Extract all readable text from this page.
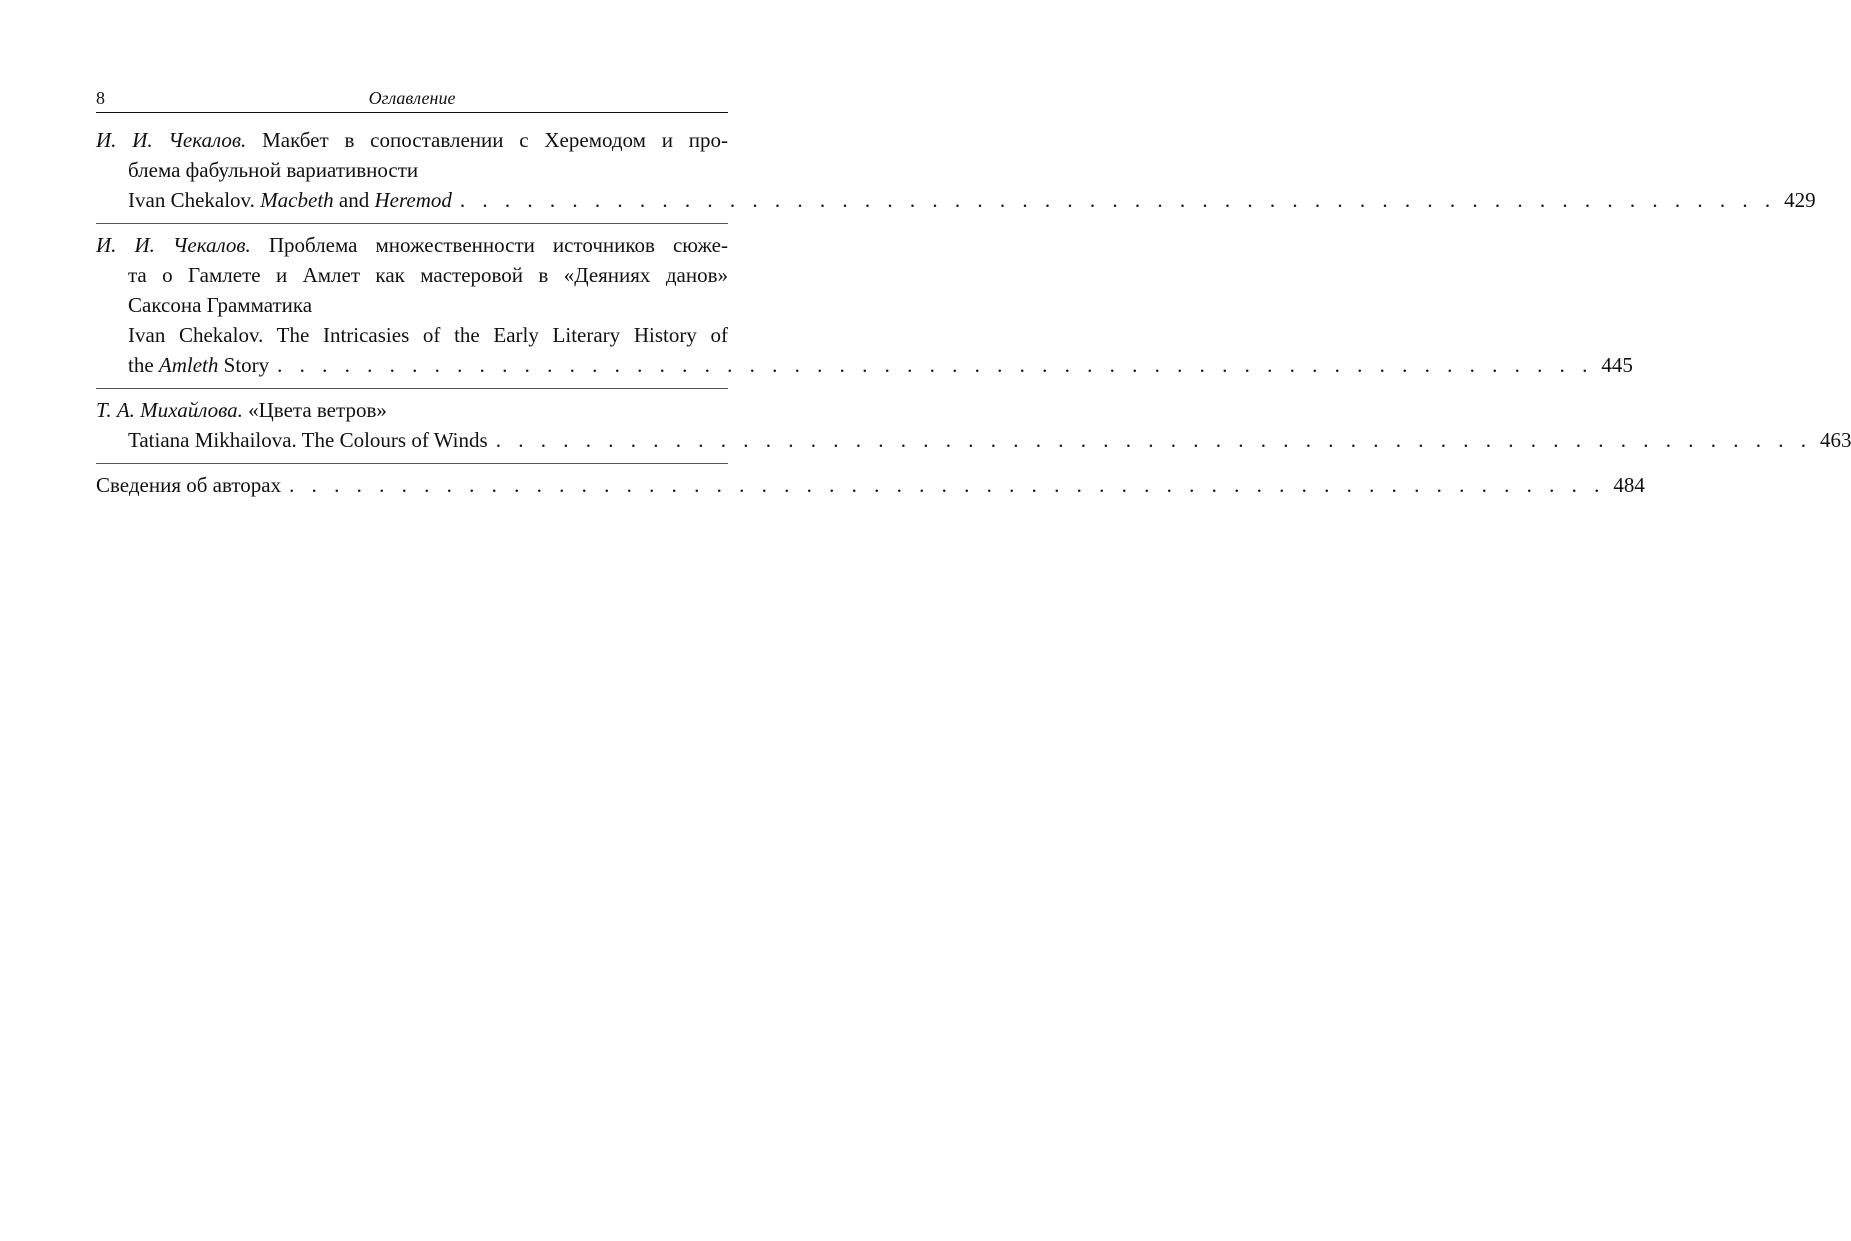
8	Оглавление
И. И. Чекалов. Макбет в сопоставлении с Херемодом и про-
блема фабульной вариативности
Ivan Chekalov. Macbeth and Heremod . . . . . . . . . . . . . . . . . . . . . . . . . . . . . . . . . . . . . . . . . . . . . . . . . . . . . . . . . . . 429
И. И. Чекалов. Проблема множественности источников сюже-
та о Гамлете и Амлет как мастеровой в «Деяниях данов»
Саксона Грамматика
Ivan Chekalov. The Intricasies of the Early Literary History of
the Amleth Story . . . . . . . . . . . . . . . . . . . . . . . . . . . . . . . . . . . . . . . . . . . . . . . . . . . . . . . . . . . 445
Т. А. Михайлова. «Цвета ветров»
Tatiana Mikhailova. The Colours of Winds . . . . . . . . . . . . . . . . . . . . . . . . . . . . . . . . . . . . . . . . . . . . . . . . . . . . . . . . . . . 463
Сведения об авторах . . . . . . . . . . . . . . . . . . . . . . . . . . . . . . . . . . . . . . . . . . . . . . . . . . . . . . . . . . . 484
